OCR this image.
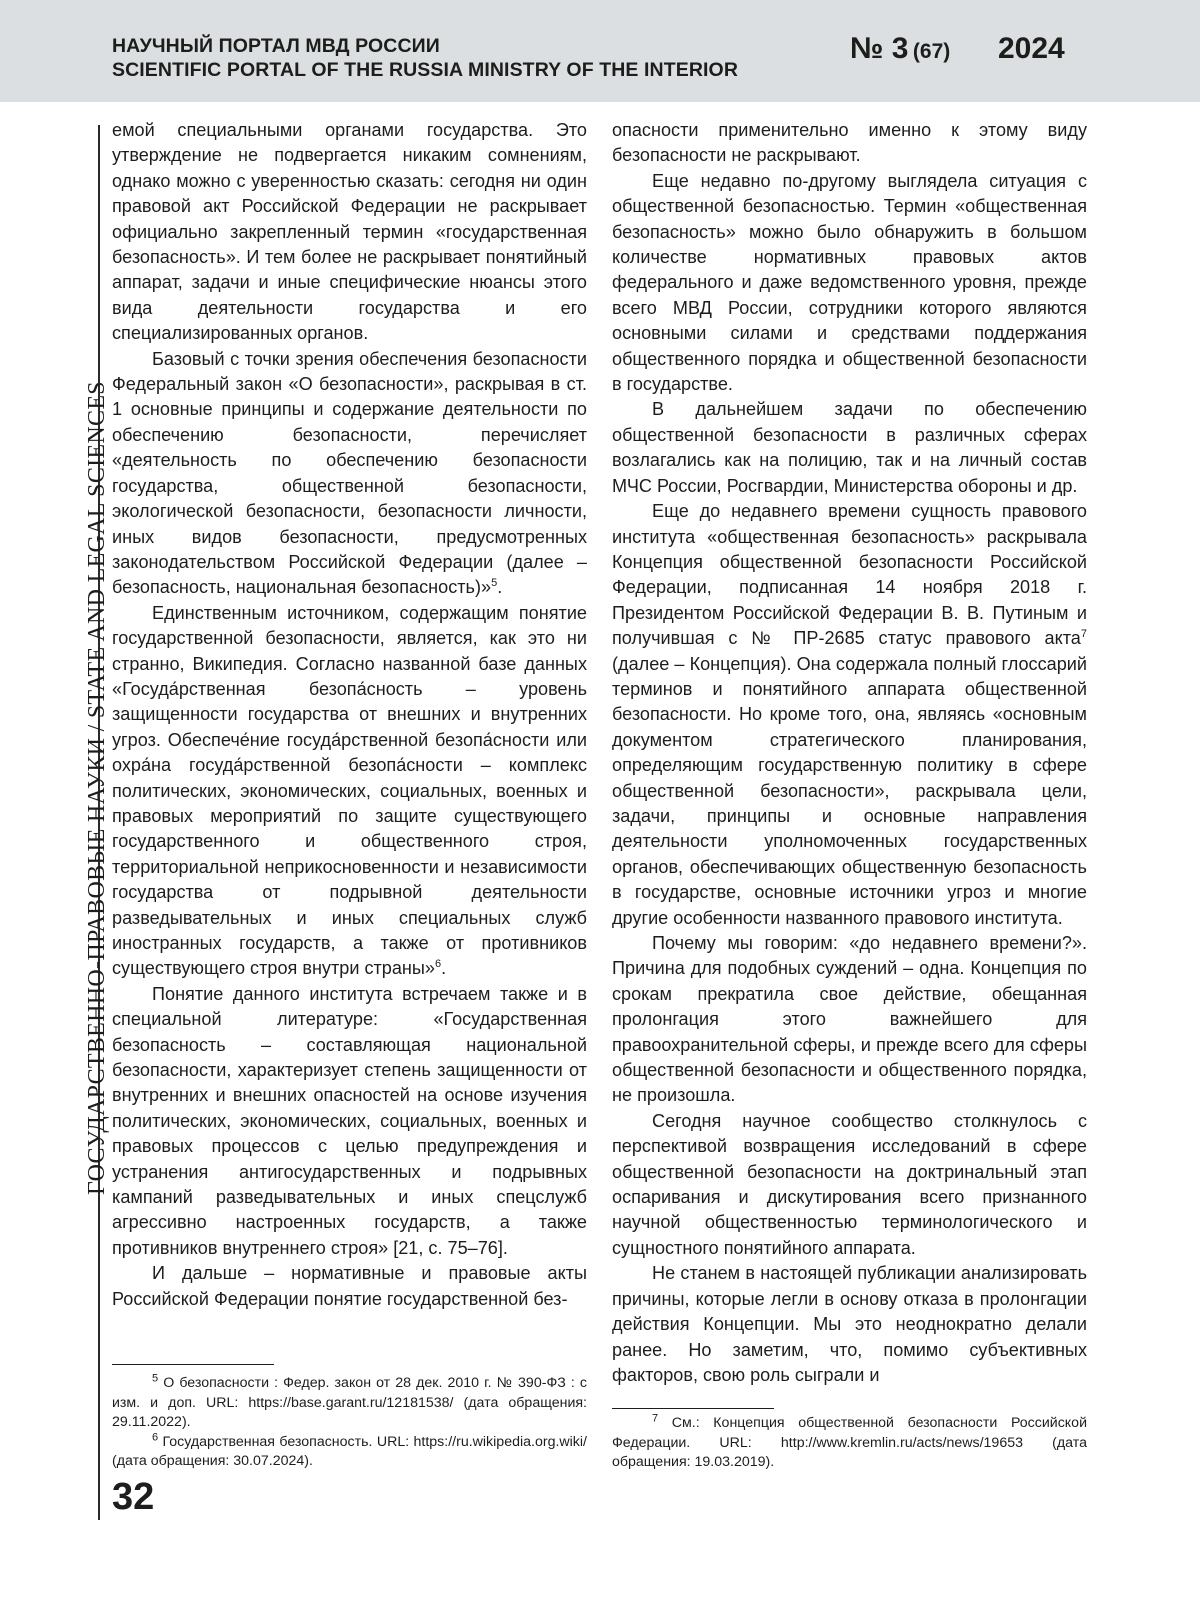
НАУЧНЫЙ ПОРТАЛ МВД РОССИИ
SCIENTIFIC PORTAL OF THE RUSSIA MINISTRY OF THE INTERIOR
№ 3 (67) 2024
ГОСУДАРСТВЕННО-ПРАВОВЫЕ НАУКИ / STATE AND LEGAL SCIENCES

емой специальными органами государства. Это утверждение не подвергается никаким сомнениям, однако можно с уверенностью сказать: сегодня ни один правовой акт Российской Федерации не раскрывает официально закрепленный термин «государственная безопасность». И тем более не раскрывает понятийный аппарат, задачи и иные специфические нюансы этого вида деятельности государства и его специализированных органов.

Базовый с точки зрения обеспечения безопасности Федеральный закон «О безопасности», раскрывая в ст. 1 основные принципы и содержание деятельности по обеспечению безопасности, перечисляет «деятельность по обеспечению безопасности государства, общественной безопасности, экологической безопасности, безопасности личности, иных видов безопасности, предусмотренных законодательством Российской Федерации (далее – безопасность, национальная безопасность)»$^5$.

Единственным источником, содержащим понятие государственной безопасности, является, как это ни странно, Википедия. Согласно названной базе данных «Госуда́рственная безопа́сность – уровень защищенности государства от внешних и внутренних угроз. Обеспече́ние госуда́рственной безопа́сности или охра́на госуда́рственной безопа́сности – комплекс политических, экономических, социальных, военных и правовых мероприятий по защите существующего государственного и общественного строя, территориальной неприкосновенности и независимости государства от подрывной деятельности разведывательных и иных специальных служб иностранных государств, а также от противников существующего строя внутри страны»$^6$.

Понятие данного института встречаем также и в специальной литературе: «Государственная безопасность – составляющая национальной безопасности, характеризует степень защищенности от внутренних и внешних опасностей на основе изучения политических, экономических, социальных, военных и правовых процессов с целью предупреждения и устранения антигосударственных и подрывных кампаний разведывательных и иных спецслужб агрессивно настроенных государств, а также противников внутреннего строя» [21, с. 75–76].

И дальше – нормативные и правовые акты Российской Федерации понятие государственной без-

опасности применительно именно к этому виду безопасности не раскрывают.

Еще недавно по-другому выглядела ситуация с общественной безопасностью. Термин «общественная безопасность» можно было обнаружить в большом количестве нормативных правовых актов федерального и даже ведомственного уровня, прежде всего МВД России, сотрудники которого являются основными силами и средствами поддержания общественного порядка и общественной безопасности в государстве.

В дальнейшем задачи по обеспечению общественной безопасности в различных сферах возлагались как на полицию, так и на личный состав МЧС России, Росгвардии, Министерства обороны и др.

Еще до недавнего времени сущность правового института «общественная безопасность» раскрывала Концепция общественной безопасности Российской Федерации, подписанная 14 ноября 2018 г. Президентом Российской Федерации В. В. Путиным и получившая с № ПР-2685 статус правового акта$^7$ (далее – Концепция). Она содержала полный глоссарий терминов и понятийного аппарата общественной безопасности. Но кроме того, она, являясь «основным документом стратегического планирования, определяющим государственную политику в сфере общественной безопасности», раскрывала цели, задачи, принципы и основные направления деятельности уполномоченных государственных органов, обеспечивающих общественную безопасность в государстве, основные источники угроз и многие другие особенности названного правового института.

Почему мы говорим: «до недавнего времени?». Причина для подобных суждений – одна. Концепция по срокам прекратила свое действие, обещанная пролонгация этого важнейшего для правоохранительной сферы, и прежде всего для сферы общественной безопасности и общественного порядка, не произошла.

Сегодня научное сообщество столкнулось с перспективой возвращения исследований в сфере общественной безопасности на доктринальный этап оспаривания и дискутирования всего признанного научной общественностью терминологического и сущностного понятийного аппарата.

Не станем в настоящей публикации анализировать причины, которые легли в основу отказа в пролонгации действия Концепции. Мы это неоднократно делали ранее. Но заметим, что, помимо субъективных факторов, свою роль сыграли и

$^5$ О безопасности : Федер. закон от 28 дек. 2010 г. № 390-ФЗ : с изм. и доп. URL: https://base.garant.ru/12181538/ (дата обращения: 29.11.2022).

$^6$ Государственная безопасность. URL: https://ru.wikipedia.org.wiki/ (дата обращения: 30.07.2024).

$^7$ См.: Концепция общественной безопасности Российской Федерации. URL: http://www.kremlin.ru/acts/news/19653 (дата обращения: 19.03.2019).

32
